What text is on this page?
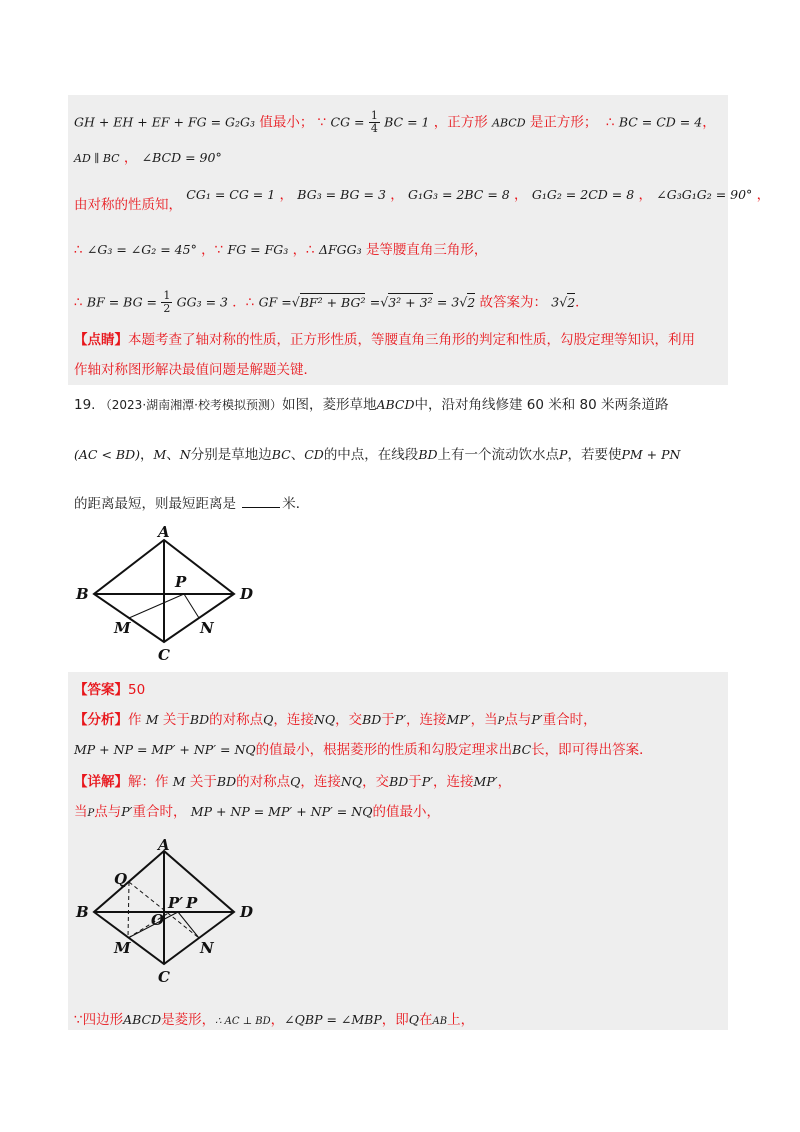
GH + EH + EF + FG = G₂G₃ 值最小； ∵ CG = $\frac{1}{4}$ BC = 1 ，正方形 ABCD 是正方形； ∴ BC = CD = 4，
AD ∥ BC ， ∠BCD = 90°
由对称的性质知， CG₁ = CG = 1 ， BG₃ = BG = 3 ， G₁G₃ = 2BC = 8 ， G₁G₂ = 2CD = 8 ， ∠G₃G₁G₂ = 90° ，
∴ ∠G₃ = ∠G₂ = 45° ，∵ FG = FG₃ ，∴ ΔFGG₃ 是等腰直角三角形，
∴ BF = BG = $\frac{1}{2} GG_3 = 3$ ．∴ GF =√BF² + BG² =√3² + 3² = 3√2 故答案为： 3√2．
【点睛】本题考查了轴对称的性质，正方形性质，等腰直角三角形的判定和性质，勾股定理等知识，利用
作轴对称图形解决最值问题是解题关键．
19. （2023·湖南湘潭·校考模拟预测）如图，菱形草地ABCD中，沿对角线修建 60 米和 80 米两条道路
(AC < BD)，M、N分别是草地边BC、CD的中点，在线段BD上有一个流动饮水点P，若要使PM + PN
的距离最短，则最短距离是	米．
A
B
C
D
P
M	N
【答案】50
【分析】作 M 关于BD的对称点Q，连接NQ，交BD于P′，连接MP′，当P点与P′重合时，
MP + NP = MP′ + NP′ = NQ的值最小，根据菱形的性质和勾股定理求出BC长，即可得出答案．
【详解】解：作 M 关于BD的对称点Q，连接NQ，交BD于P′，连接MP′，
当P点与P′重合时， MP + NP = MP′ + NP′ = NQ的值最小，
A
B
C
D
Q
O
P′ P
M	N
∵四边形ABCD是菱形，∴ AC ⊥ BD，∠QBP = ∠MBP，即Q在AB上，
